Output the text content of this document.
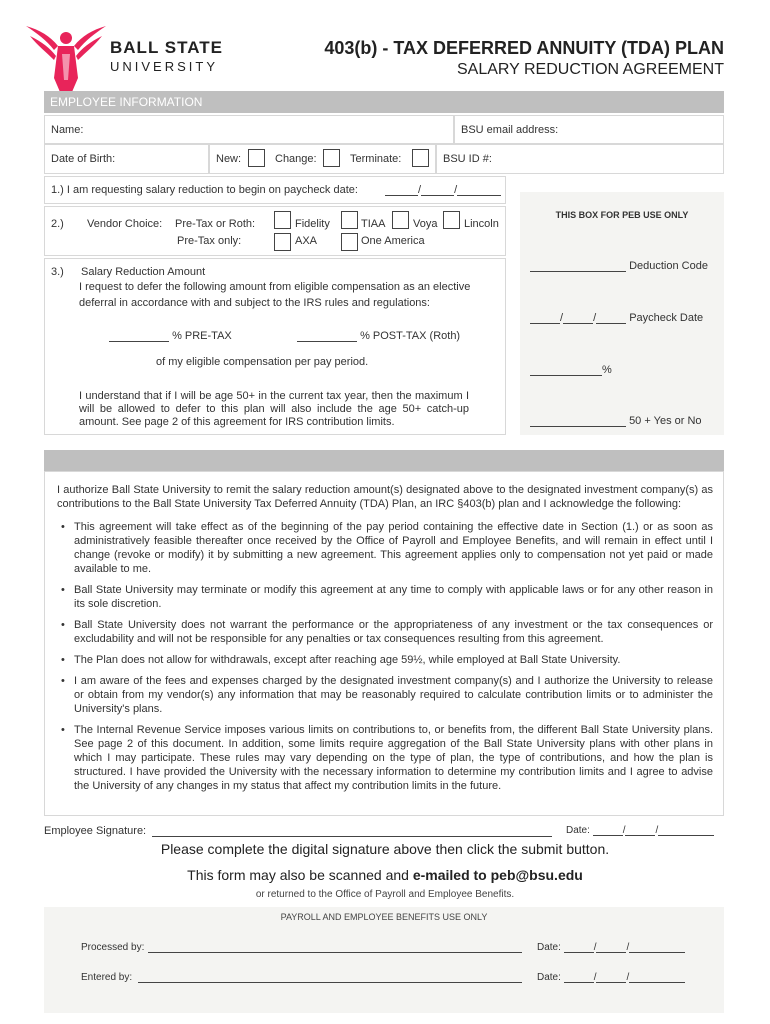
BALL STATE
UNIVERSITY
403(b) - TAX DEFERRED ANNUITY (TDA) PLAN
SALARY REDUCTION AGREEMENT
EMPLOYEE INFORMATION
Name:	BSU email address:
Date of Birth:	New:	Change:	Terminate:	BSU ID #:
1.) I am requesting salary reduction to begin on paycheck date:	/	/
2.) Vendor Choice: Pre-Tax or Roth:
Pre-Tax only:
Fidelity	TIAA	Voya Lincoln
AXA	One America
3.) Salary Reduction Amount
I request to defer the following amount from eligible compensation as an elective
deferral in accordance with and subject to the IRS rules and regulations:
% PRE-TAX	% POST-TAX (Roth)
of my eligible compensation per pay period.
I understand that if I will be age 50+ in the current tax year, then the maximum I will be allowed to defer to this plan will also include the age 50+ catch-up amount. See page 2 of this agreement for IRS contribution limits.
THIS BOX FOR PEB USE ONLY
Deduction Code
/	/	Paycheck Date
%
50 + Yes or No

I authorize Ball State University to remit the salary reduction amount(s) designated above to the designated investment company(s) as contributions to the Ball State University Tax Deferred Annuity (TDA) Plan, an IRC §403(b) plan and I acknowledge the following:

• This agreement will take effect as of the beginning of the pay period containing the effective date in Section (1.) or as soon as administratively feasible thereafter once received by the Office of Payroll and Employee Benefits, and will remain in effect until I change (revoke or modify) it by submitting a new agreement. This agreement applies only to compensation not yet paid or made available to me.
• Ball State University may terminate or modify this agreement at any time to comply with applicable laws or for any other reason in its sole discretion.
• Ball State University does not warrant the performance or the appropriateness of any investment or the tax consequences or excludability and will not be responsible for any penalties or tax consequences resulting from this agreement.
• The Plan does not allow for withdrawals, except after reaching age 59½, while employed at Ball State University.
• I am aware of the fees and expenses charged by the designated investment company(s) and I authorize the University to release or obtain from my vendor(s) any information that may be reasonably required to calculate contribution limits or to administer the University's plans.
• The Internal Revenue Service imposes various limits on contributions to, or benefits from, the different Ball State University plans. See page 2 of this document. In addition, some limits require aggregation of the Ball State University plans with other plans in which I may participate. These rules may vary depending on the type of plan, the type of contributions, and how the plan is structured. I have provided the University with the necessary information to determine my contribution limits and I agree to advise the University of any changes in my status that affect my contribution limits in the future.
Employee Signature:	Date:	/	/
Please complete the digital signature above then click the submit button.
This form may also be scanned and e-mailed to peb@bsu.edu
or returned to the Office of Payroll and Employee Benefits.
PAYROLL AND EMPLOYEE BENEFITS USE ONLY
Processed by:	Date:	/	/
Entered by:	Date:	/	/
